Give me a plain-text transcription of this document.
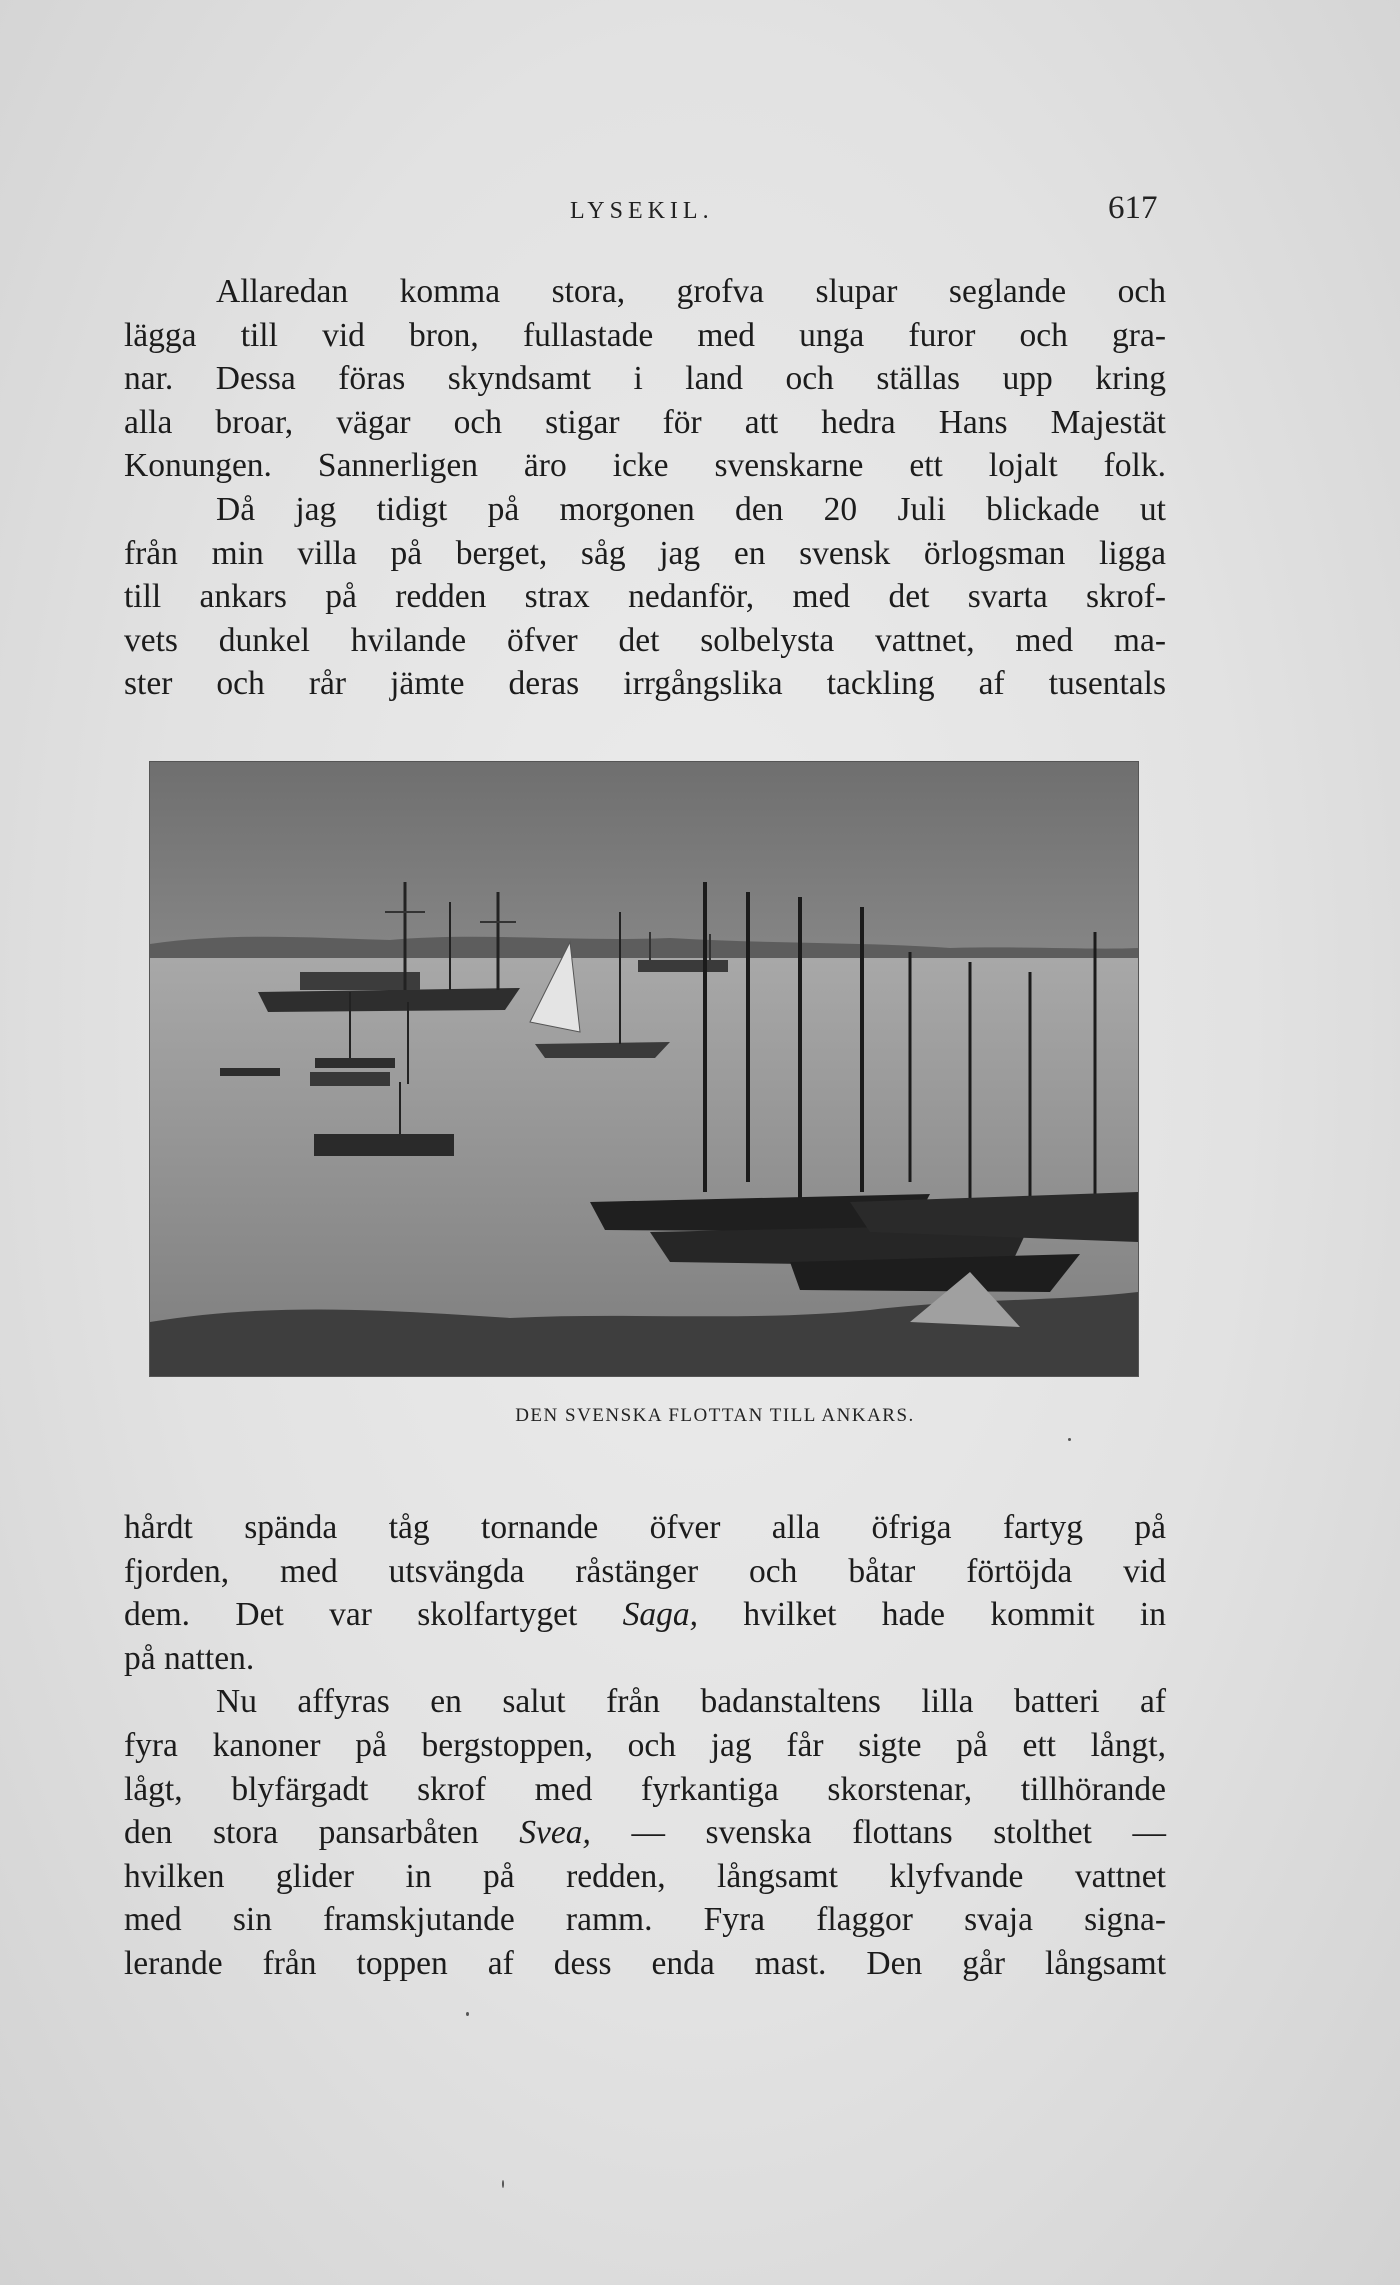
LYSEKIL.	617
Allaredan komma stora, grofva slupar seglande och
lägga till vid bron, fullastade med unga furor och gra-
nar. Dessa föras skyndsamt i land och ställas upp kring
alla broar, vägar och stigar för att hedra Hans Majestät
Konungen. Sannerligen äro icke svenskarne ett lojalt folk.
Då jag tidigt på morgonen den 20 Juli blickade ut
från min villa på berget, såg jag en svensk örlogsman ligga
till ankars på redden strax nedanför, med det svarta skrof-
vets dunkel hvilande öfver det solbelysta vattnet, med ma-
ster och rår jämte deras irrgångslika tackling af tusentals
DEN SVENSKA FLOTTAN TILL ANKARS.
hårdt spända tåg tornande öfver alla öfriga fartyg på
fjorden, med utsvängda råstänger och båtar förtöjda vid
dem. Det var skolfartyget Saga, hvilket hade kommit in
på natten.
Nu affyras en salut från badanstaltens lilla batteri af
fyra kanoner på bergstoppen, och jag får sigte på ett långt,
lågt, blyfärgadt skrof med fyrkantiga skorstenar, tillhörande
den stora pansarbåten Svea, — svenska flottans stolthet —
hvilken glider in på redden, långsamt klyfvande vattnet
med sin framskjutande ramm. Fyra flaggor svaja signa-
lerande från toppen af dess enda mast. Den går långsamt
